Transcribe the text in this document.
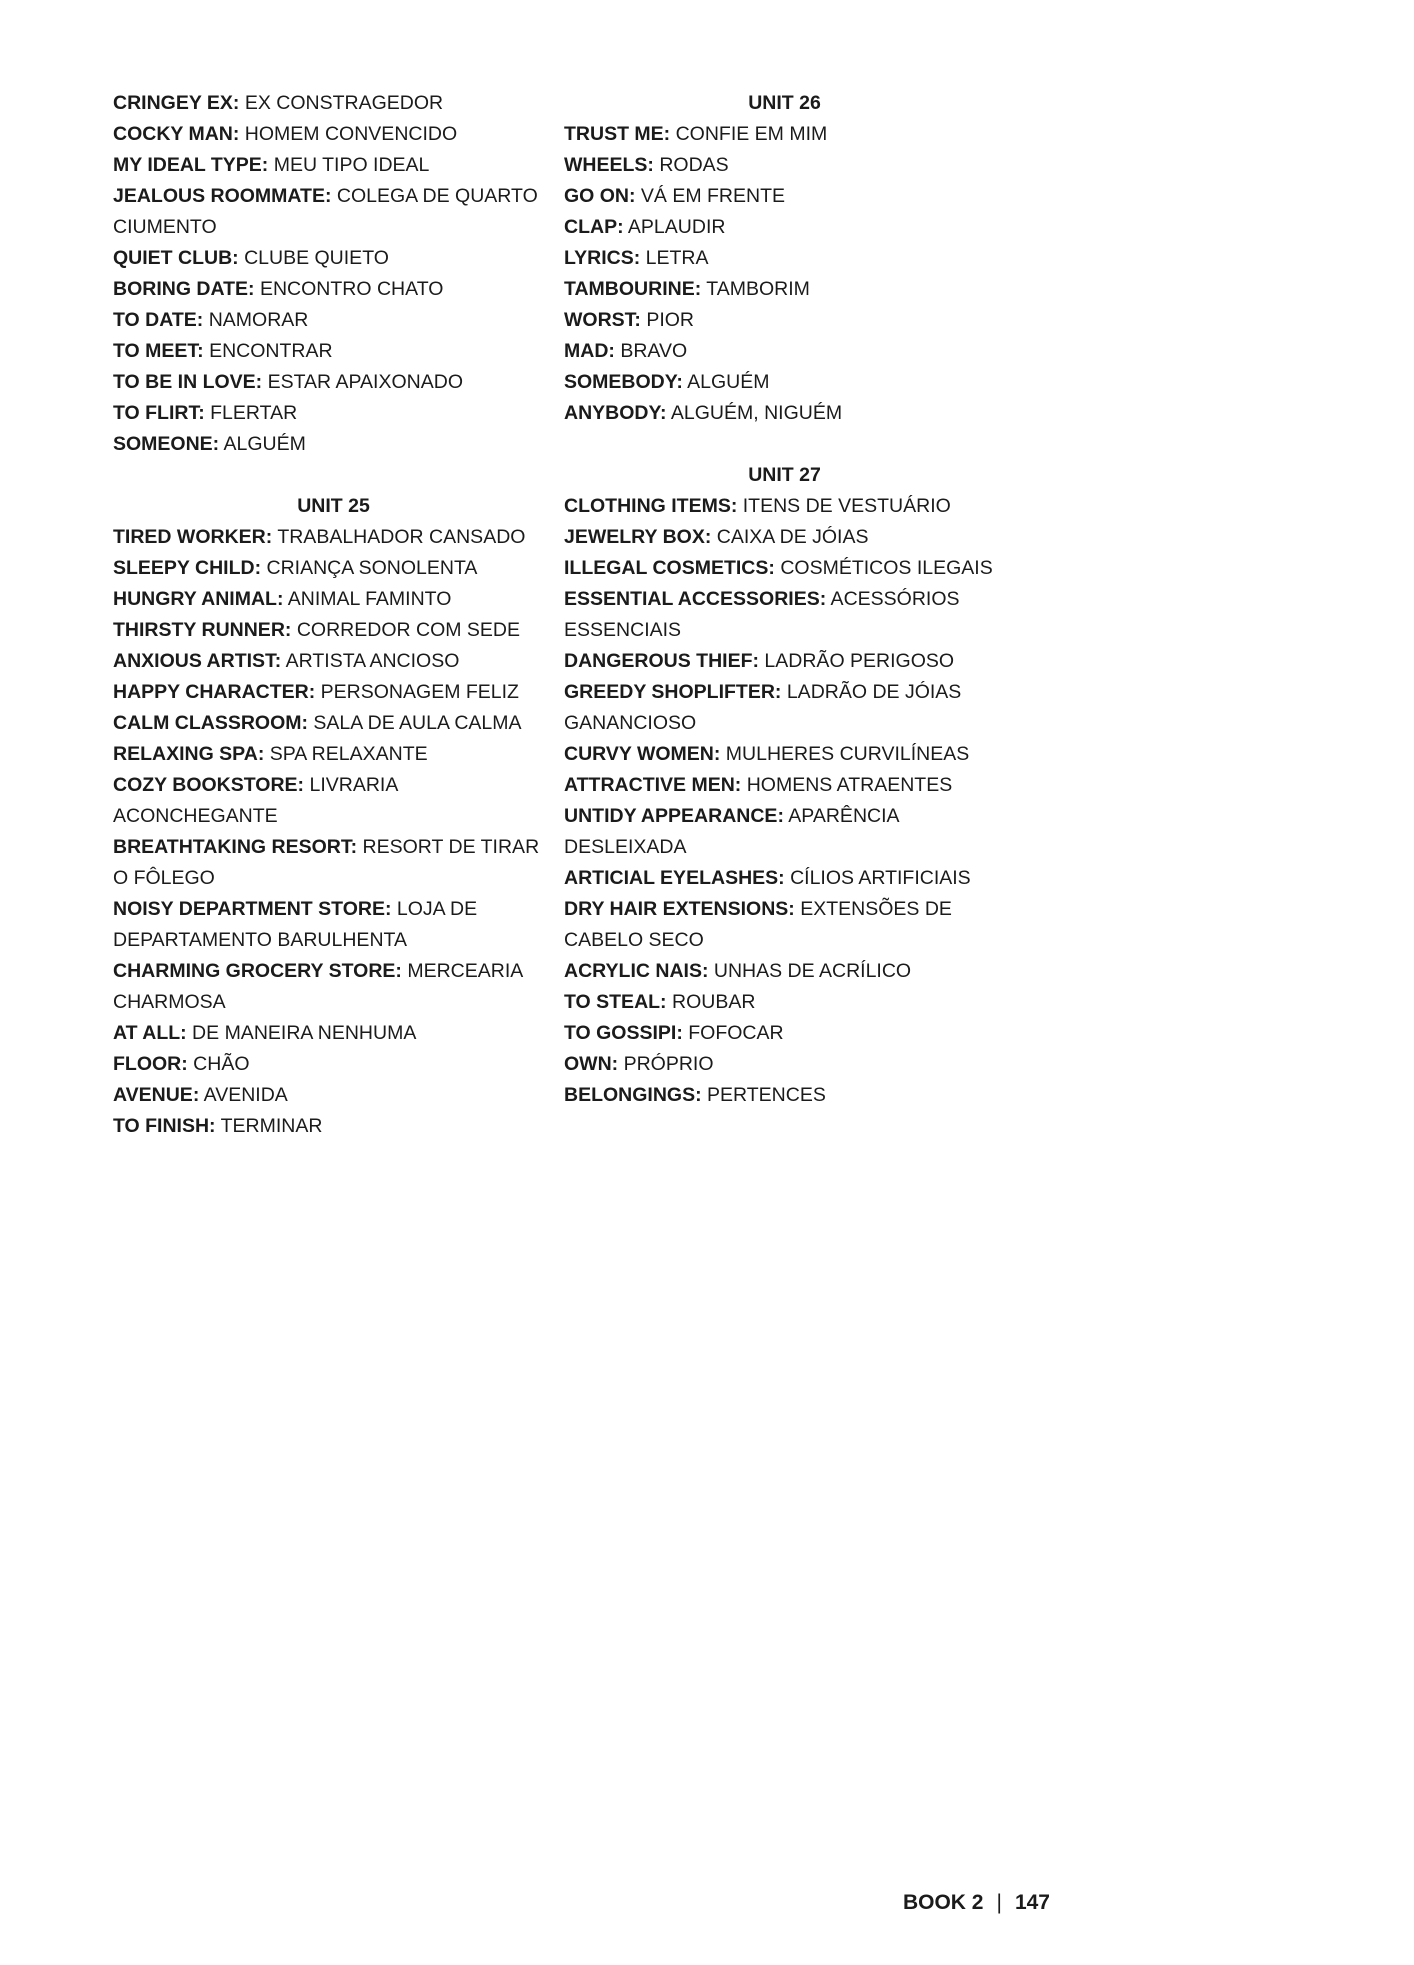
CRINGEY EX: EX CONSTRAGEDOR

COCKY MAN: HOMEM CONVENCIDO

MY IDEAL TYPE: MEU TIPO IDEAL

JEALOUS ROOMMATE: COLEGA DE QUARTO CIUMENTO

QUIET CLUB: CLUBE QUIETO

BORING DATE: ENCONTRO CHATO

TO DATE: NAMORAR

TO MEET: ENCONTRAR

TO BE IN LOVE: ESTAR APAIXONADO

TO FLIRT: FLERTAR

SOMEONE: ALGUÉM

UNIT 25

TIRED WORKER: TRABALHADOR CANSADO

SLEEPY CHILD: CRIANÇA SONOLENTA

HUNGRY ANIMAL: ANIMAL FAMINTO

THIRSTY RUNNER: CORREDOR COM SEDE

ANXIOUS ARTIST: ARTISTA ANCIOSO

HAPPY CHARACTER: PERSONAGEM FELIZ

CALM CLASSROOM: SALA DE AULA CALMA

RELAXING SPA: SPA RELAXANTE

COZY BOOKSTORE: LIVRARIA ACONCHEGANTE

BREATHTAKING RESORT: RESORT DE TIRAR O FÔLEGO

NOISY DEPARTMENT STORE: LOJA DE DEPARTAMENTO BARULHENTA

CHARMING GROCERY STORE: MERCEARIA CHARMOSA

AT ALL: DE MANEIRA NENHUMA

FLOOR: CHÃO

AVENUE: AVENIDA

TO FINISH: TERMINAR

UNIT 26

TRUST ME: CONFIE EM MIM

WHEELS: RODAS

GO ON: VÁ EM FRENTE

CLAP: APLAUDIR

LYRICS: LETRA

TAMBOURINE: TAMBORIM

WORST: PIOR

MAD: BRAVO

SOMEBODY: ALGUÉM

ANYBODY: ALGUÉM, NIGUÉM

UNIT 27

CLOTHING ITEMS: ITENS DE VESTUÁRIO

JEWELRY BOX: CAIXA DE JÓIAS

ILLEGAL COSMETICS: COSMÉTICOS ILEGAIS

ESSENTIAL ACCESSORIES: ACESSÓRIOS ESSENCIAIS

DANGEROUS THIEF: LADRÃO PERIGOSO

GREEDY SHOPLIFTER: LADRÃO DE JÓIAS GANANCIOSO

CURVY WOMEN: MULHERES CURVILÍNEAS

ATTRACTIVE MEN: HOMENS ATRAENTES

UNTIDY APPEARANCE: APARÊNCIA DESLEIXADA

ARTICIAL EYELASHES: CÍLIOS ARTIFICIAIS

DRY HAIR EXTENSIONS: EXTENSÕES DE CABELO SECO

ACRYLIC NAIS: UNHAS DE ACRÍLICO

TO STEAL: ROUBAR

TO GOSSIPI: FOFOCAR

OWN: PRÓPRIO

BELONGINGS: PERTENCES

BOOK 2 | 147
